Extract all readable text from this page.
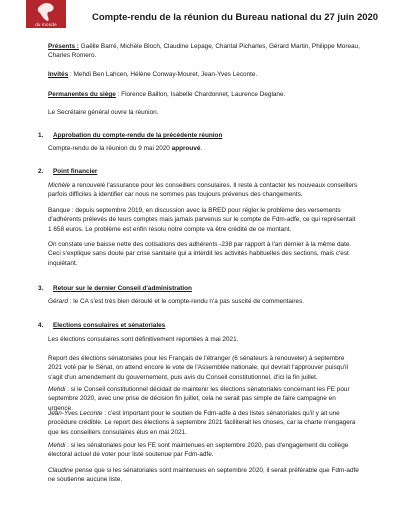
du monde
Compte-rendu de la réunion du Bureau national du 27 juin 2020
Présents : Gaëlle Barré, Michèle Bloch, Claudine Lepage, Chantal Picharles, Gérard Martin, Philippe Moreau, Charles Romero.
Invités : Mehdi Ben Lahcen, Hélène Conway-Mouret, Jean-Yves Leconte.
Permanentes du siège : Florence Baillon, Isabelle Chardonnet, Laurence Deglane.
Le Secrétaire général ouvre la réunion.
1. Approbation du compte-rendu de la précédente réunion
Compte-rendu de la réunion du 9 mai 2020 approuvé.
2. Point financier
Michèle a renouvelé l'assurance pour les conseillers consulaires. Il reste à contacter les nouveaux conseillers parfois difficiles à identifier car nous ne sommes pas toujours prévenus des changements.
Banque : depuis septembre 2019, en discussion avec la BRED pour régler le problème des versements d'adhérents prélevés de leurs comptes mais jamais parvenus sur le compte de Fdm-adfe, ce qui représentait 1 658 euros. Le problème est enfin résolu notre compte va être crédité de ce montant.
On constate une baisse nette des cotisations des adhérents -238 par rapport à l'an dernier à la même date. Ceci s'explique sans doute par crise sanitaire qui a interdit les activités habituelles des sections, mais c'est inquiétant.
3. Retour sur le dernier Conseil d'administration
Gérard : le CA s'est très bien déroulé et le compte-rendu n'a pas suscité de commentaires.
4. Elections consulaires et sénatoriales
Les élections consulaires sont définitivement reportées à mai 2021.
Report des élections sénatoriales pour les Français de l'étranger (6 sénateurs à renouveler) à septembre 2021 voté par le Sénat, on attend encore le vote de l'Assemblée nationale, qui devrait l'approuver puisqu'il s'agit d'un amendement du gouvernement, puis avis du Conseil constitutionnel, d'ici la fin juillet.
Mehdi : si le Conseil constitutionnel décidait de maintenir les élections sénatoriales concernant les FE pour septembre 2020, avec une prise de décision fin juillet, cela ne serait pas simple de faire campagne en urgence.
Jean-Yves Leconte : c'est important pour le soutien de Fdm-adfe à des listes sénatoriales qu'il y ait une procédure crédible. Le report des élections à septembre 2021 faciliterait les choses, car la charte n'engagera que les conseillers consulaires élus en mai 2021.
Mehdi : si les sénatoriales pour les FE sont maintenues en septembre 2020, pas d'engagement du collège électoral actuel de voter pour liste soutenue par Fdm-adfe.
Claudine pense que si les sénatoriales sont maintenues en septembre 2020, il serait préférable que Fdm-adfe ne soutienne aucune liste.
